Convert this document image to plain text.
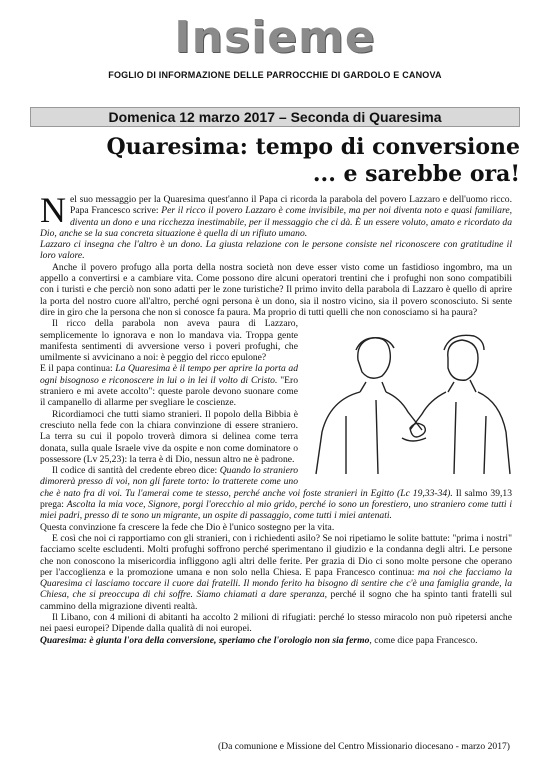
Insieme
FOGLIO DI INFORMAZIONE DELLE PARROCCHIE DI GARDOLO E CANOVA
Domenica 12 marzo 2017 – Seconda di Quaresima
Quaresima: tempo di conversione
... e sarebbe ora!

Nel suo messaggio per la Quaresima quest'anno il Papa ci ricorda la parabola del povero Lazzaro e dell'uomo ricco. Papa Francesco scrive: Per il ricco il povero Lazzaro è come invisibile, ma per noi diventa noto e quasi familiare, diventa un dono e una ricchezza inestimabile, per il messaggio che ci dà. È un essere voluto, amato e ricordato da Dio, anche se la sua concreta situazione è quella di un rifiuto umano.

Lazzaro ci insegna che l'altro è un dono. La giusta relazione con le persone consiste nel riconoscere con gratitudine il loro valore.

Anche il povero profugo alla porta della nostra società non deve esser visto come un fastidioso ingombro, ma un appello a convertirsi e a cambiare vita. Come possono dire alcuni operatori trentini che i profughi non sono compatibili con i turisti e che perciò non sono adatti per le zone turistiche? Il primo invito della parabola di Lazzaro è quello di aprire la porta del nostro cuore all'altro, perché ogni persona è un dono, sia il nostro vicino, sia il povero sconosciuto. Si sente dire in giro che la persona che non si conosce fa paura. Ma proprio di tutti quelli che non conosciamo si ha paura?

Il ricco della parabola non aveva paura di Lazzaro, semplicemente lo ignorava e non lo mandava via. Troppa gente manifesta sentimenti di avversione verso i poveri profughi, che umilmente si avvicinano a noi: è peggio del ricco epulone?

E il papa continua: La Quaresima è il tempo per aprire la porta ad ogni bisognoso e riconoscere in lui o in lei il volto di Cristo. "Ero straniero e mi avete accolto": queste parole devono suonare come il campanello di allarme per svegliare le coscienze.

Ricordiamoci che tutti siamo stranieri. Il popolo della Bibbia è cresciuto nella fede con la chiara convinzione di essere straniero. La terra su cui il popolo troverà dimora si delinea come terra donata, sulla quale Israele vive da ospite e non come dominatore o possessore (Lv 25,23): la terra è di Dio, nessun altro ne è padrone.

Il codice di santità del credente ebreo dice: Quando lo straniero dimorerà presso di voi, non gli farete torto: lo tratterete come uno che è nato fra di voi. Tu l'amerai come te stesso, perché anche voi foste stranieri in Egitto (Lc 19,33-34). Il salmo 39,13 prega: Ascolta la mia voce, Signore, porgi l'orecchio al mio grido, perché io sono un forestiero, uno straniero come tutti i miei padri, presso di te sono un migrante, un ospite di passaggio, come tutti i miei antenati.

Questa convinzione fa crescere la fede che Dio è l'unico sostegno per la vita.

E così che noi ci rapportiamo con gli stranieri, con i richiedenti asilo? Se noi ripetiamo le solite battute: "prima i nostri" facciamo scelte escludenti. Molti profughi soffrono perché sperimentano il giudizio e la condanna degli altri. Le persone che non conoscono la misericordia infliggono agli altri delle ferite. Per grazia di Dio ci sono molte persone che operano per l'accoglienza e la promozione umana e non solo nella Chiesa. E papa Francesco continua: ma noi che facciamo la Quaresima ci lasciamo toccare il cuore dai fratelli. Il mondo ferito ha bisogno di sentire che c'è una famiglia grande, la Chiesa, che si preoccupa di chi soffre. Siamo chiamati a dare speranza, perché il sogno che ha spinto tanti fratelli sul cammino della migrazione diventi realtà.

Il Libano, con 4 milioni di abitanti ha accolto 2 milioni di rifugiati: perché lo stesso miracolo non può ripetersi anche nei paesi europei? Dipende dalla qualità di noi europei.

Quaresima: è giunta l'ora della conversione, speriamo che l'orologio non sia fermo, come dice papa Francesco.

(Da comunione e Missione del Centro Missionario diocesano - marzo 2017)
